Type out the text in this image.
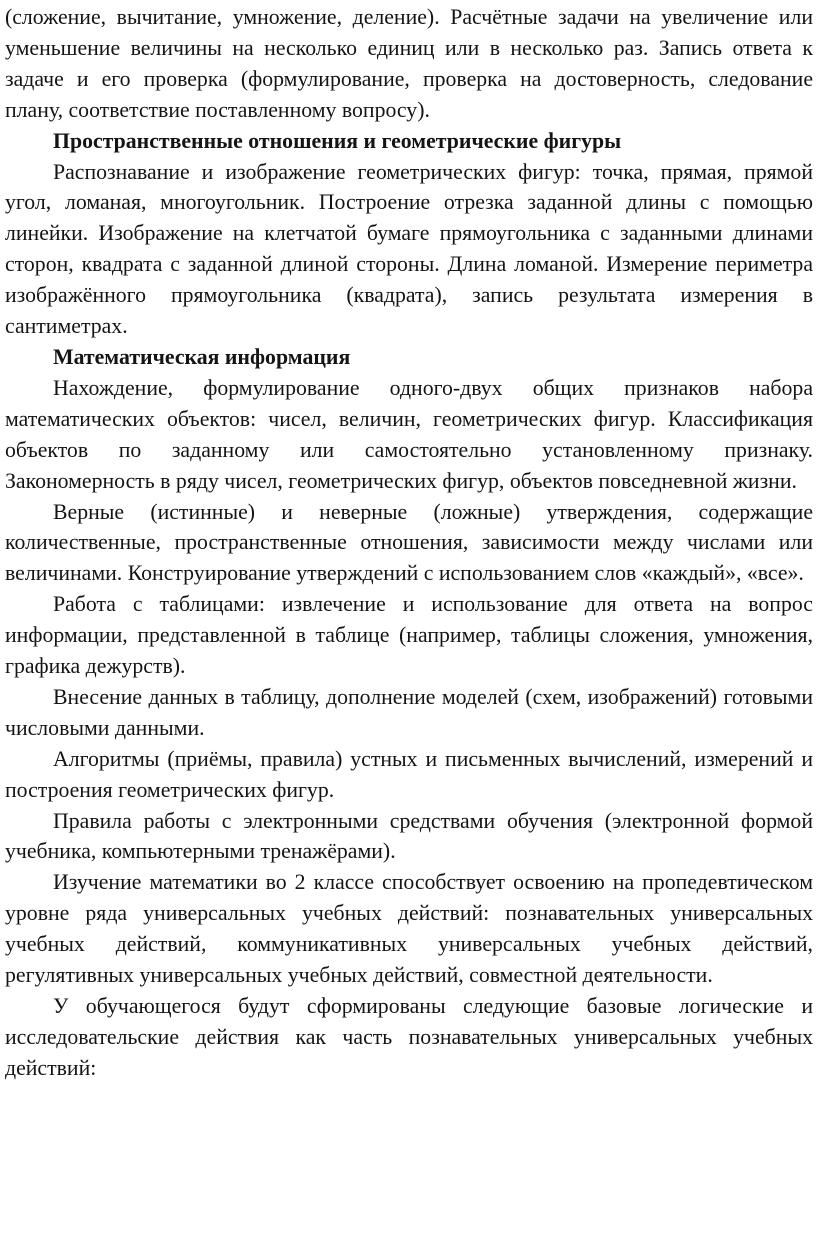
(сложение, вычитание, умножение, деление). Расчётные задачи на увеличение или уменьшение величины на несколько единиц или в несколько раз. Запись ответа к задаче и его проверка (формулирование, проверка на достоверность, следование плану, соответствие поставленному вопросу).

Пространственные отношения и геометрические фигуры

Распознавание и изображение геометрических фигур: точка, прямая, прямой угол, ломаная, многоугольник. Построение отрезка заданной длины с помощью линейки. Изображение на клетчатой бумаге прямоугольника с заданными длинами сторон, квадрата с заданной длиной стороны. Длина ломаной. Измерение периметра изображённого прямоугольника (квадрата), запись результата измерения в сантиметрах.

Математическая информация

Нахождение, формулирование одного-двух общих признаков набора математических объектов: чисел, величин, геометрических фигур. Классификация объектов по заданному или самостоятельно установленному признаку. Закономерность в ряду чисел, геометрических фигур, объектов повседневной жизни.

Верные (истинные) и неверные (ложные) утверждения, содержащие количественные, пространственные отношения, зависимости между числами или величинами. Конструирование утверждений с использованием слов «каждый», «все».

Работа с таблицами: извлечение и использование для ответа на вопрос информации, представленной в таблице (например, таблицы сложения, умножения, графика дежурств).

Внесение данных в таблицу, дополнение моделей (схем, изображений) готовыми числовыми данными.

Алгоритмы (приёмы, правила) устных и письменных вычислений, измерений и построения геометрических фигур.

Правила работы с электронными средствами обучения (электронной формой учебника, компьютерными тренажёрами).

Изучение математики во 2 классе способствует освоению на пропедевтическом уровне ряда универсальных учебных действий: познавательных универсальных учебных действий, коммуникативных универсальных учебных действий, регулятивных универсальных учебных действий, совместной деятельности.

У обучающегося будут сформированы следующие базовые логические и исследовательские действия как часть познавательных универсальных учебных действий:
